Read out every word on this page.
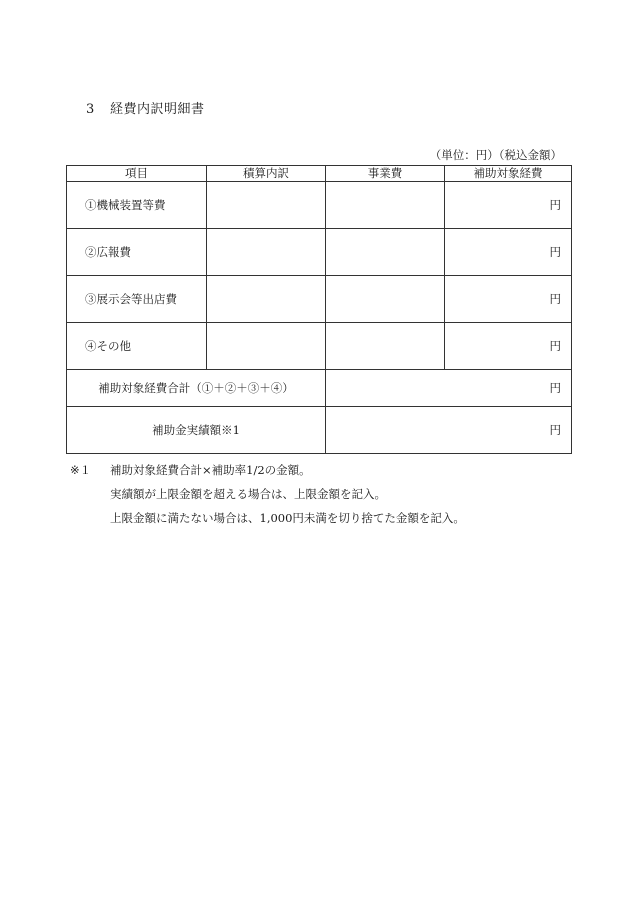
3 経費内訳明細書
（単位：円）（税込金額）
項目	積算内訳	事業費	補助対象経費
①機械装置等費			円
②広報費			円
③展示会等出店費			円
④その他			円
補助対象経費合計（①＋②＋③＋④）		円	
補助金実績額※1		円	
※１ 補助対象経費合計×補助率1/2の金額。
実績額が上限金額を超える場合は、上限金額を記入。
上限金額に満たない場合は、1,000円未満を切り捨てた金額を記入。
